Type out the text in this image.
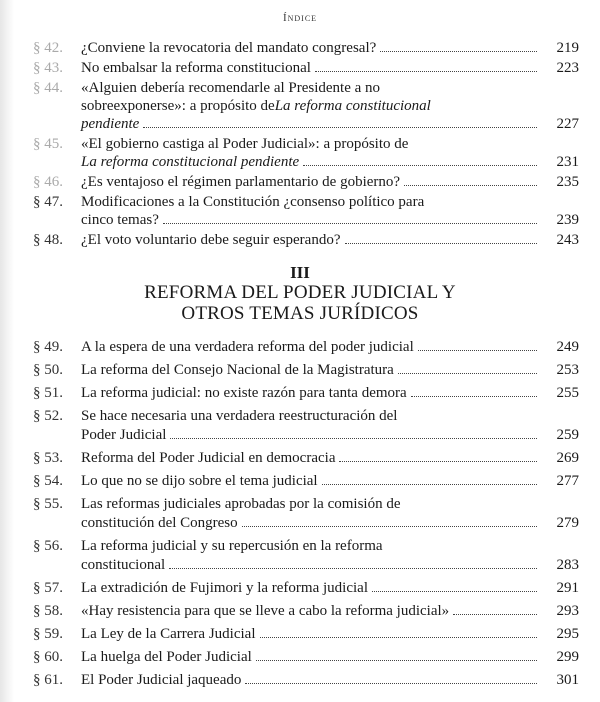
Índice
§ 42.	¿Conviene la revocatoria del mandato congresal?	219
§ 43.	No embalsar la reforma constitucional	223
§ 44.	«Alguien debería recomendarle al Presidente a no
sobreexponerse»: a propósito de La reforma constitucional
pendiente	227
§ 45.	«El gobierno castiga al Poder Judicial»: a propósito de
La reforma constitucional pendiente	231
§ 46.	¿Es ventajoso el régimen parlamentario de gobierno?	235
§ 47.	Modificaciones a la Constitución ¿consenso político para
cinco temas?	239
§ 48.	¿El voto voluntario debe seguir esperando?	243
III
REFORMA DEL PODER JUDICIAL Y
OTROS TEMAS JURÍDICOS
§ 49.	A la espera de una verdadera reforma del poder judicial	249
§ 50.	La reforma del Consejo Nacional de la Magistratura	253
§ 51.	La reforma judicial: no existe razón para tanta demora	255
§ 52.	Se hace necesaria una verdadera reestructuración del
Poder Judicial	259
§ 53.	Reforma del Poder Judicial en democracia	269
§ 54.	Lo que no se dijo sobre el tema judicial	277
§ 55.	Las reformas judiciales aprobadas por la comisión de
constitución del Congreso	279
§ 56.	La reforma judicial y su repercusión en la reforma
constitucional	283
§ 57.	La extradición de Fujimori y la reforma judicial	291
§ 58.	«Hay resistencia para que se lleve a cabo la reforma judicial»	293
§ 59.	La Ley de la Carrera Judicial	295
§ 60.	La huelga del Poder Judicial	299
§ 61.	El Poder Judicial jaqueado	301
